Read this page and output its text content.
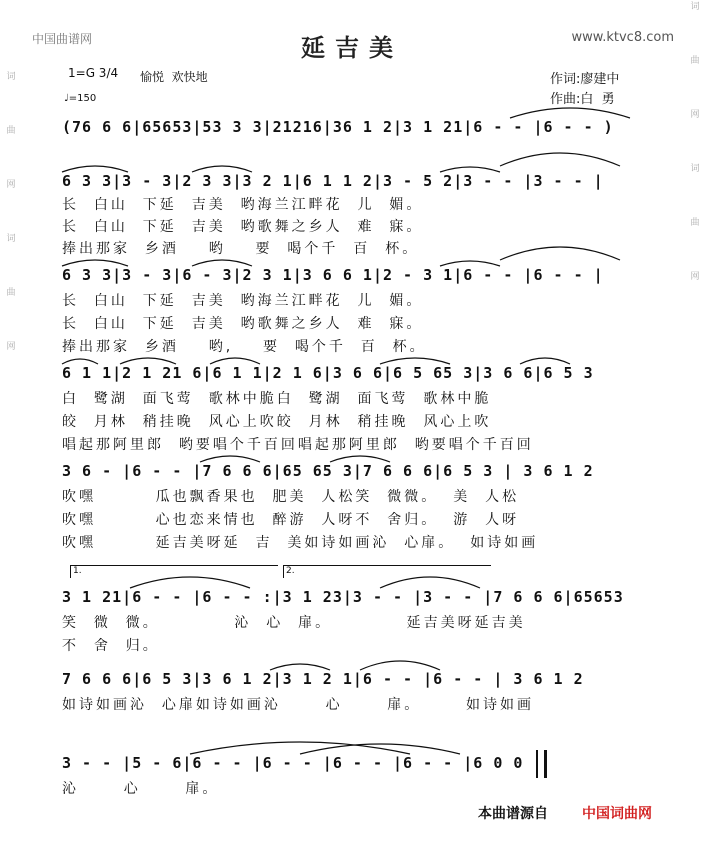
中国曲谱网	www.ktvc8.com
词
曲
网
词
曲
网
词
曲
网
词
曲
网
延吉美
1=G 3/4 愉悦  欢快地
♩=150
作词:廖建中
作曲:白  勇
(76 6 6|65653|53 3 3|21216|36 1 2|3 1 21|6 - - |6 - - )
6 3 3|3 - 3|2 3 3|3 2 1|6 1 1 2|3 - 5 2|3 - - |3 - - |
长  白山  下延  吉美  哟海兰江畔花  儿  媚。
长  白山  下延  吉美  哟歌舞之乡人  难  寐。
捧出那家  乡酒    哟    要  喝个千  百  杯。
6 3 3|3 - 3|6 - 3|2 3 1|3 6 6 1|2 - 3 1|6 - - |6 - - |
长  白山  下延  吉美  哟海兰江畔花  儿  媚。
长  白山  下延  吉美  哟歌舞之乡人  难  寐。
捧出那家  乡酒    哟,    要  喝个千  百  杯。
6 1 1|2 1 21 6|6 1 1|2 1 6|3 6 6|6 5 65 3|3 6 6|6 5 3
白  鹭湖  面飞莺  歌林中脆白  鹭湖  面飞莺  歌林中脆
皎  月林  稍挂晚  风心上吹皎  月林  稍挂晚  风心上吹
唱起那阿里郎  哟要唱个千百回唱起那阿里郎  哟要唱个千百回
3 6 - |6 - - |7 6 6 6|65 65 3|7 6 6 6|6 5 3 | 3 6 1 2
吹嘿        瓜也飘香果也  肥美  人松笑  微微。  美  人松
吹嘿        心也恋来情也  醉游  人呀不  舍归。  游  人呀
吹嘿        延吉美呀延  吉  美如诗如画沁  心扉。  如诗如画
1.	2.
3 1 21|6 - - |6 - - :|3 1 23|3 - - |3 - - |7 6 6 6|65653
笑  微  微。          沁  心  扉。          延吉美呀延吉美
不  舍  归。
7 6 6 6|6 5 3|3 6 1 2|3 1 2 1|6 - - |6 - - | 3 6 1 2
如诗如画沁  心扉如诗如画沁      心      扉。      如诗如画
3 - - |5 - 6|6 - - |6 - - |6 - - |6 - - |6 0 0
沁      心      扉。
本曲谱源自 中国词曲网
